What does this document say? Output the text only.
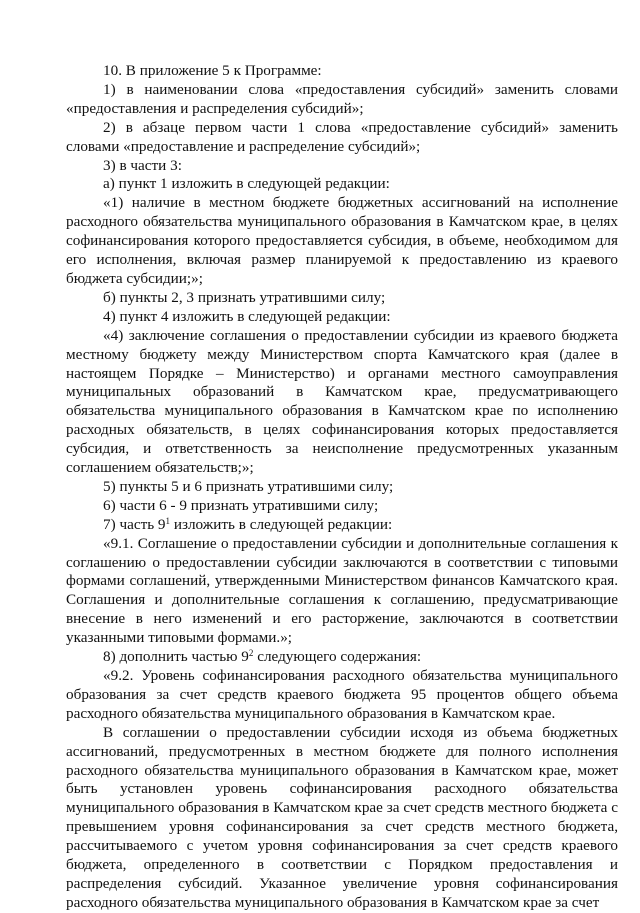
10. В приложение 5 к Программе:

1) в наименовании слова «предоставления субсидий» заменить словами «предоставления и распределения субсидий»;

2) в абзаце первом части 1 слова «предоставление субсидий» заменить словами «предоставление и распределение субсидий»;

3) в части 3:

а) пункт 1 изложить в следующей редакции:

«1) наличие в местном бюджете бюджетных ассигнований на исполнение расходного обязательства муниципального образования в Камчатском крае, в целях софинансирования которого предоставляется субсидия, в объеме, необходимом для его исполнения, включая размер планируемой к предоставлению из краевого бюджета субсидии;»;

б) пункты 2, 3 признать утратившими силу;

4) пункт 4 изложить в следующей редакции:

«4) заключение соглашения о предоставлении субсидии из краевого бюджета местному бюджету между Министерством спорта Камчатского края (далее в настоящем Порядке – Министерство) и органами местного самоуправления муниципальных образований в Камчатском крае, предусматривающего обязательства муниципального образования в Камчатском крае по исполнению расходных обязательств, в целях софинансирования которых предоставляется субсидия, и ответственность за неисполнение предусмотренных указанным соглашением обязательств;»;

5) пункты 5 и 6 признать утратившими силу;

6) части 6 - 9 признать утратившими силу;

7) часть $9^1$ изложить в следующей редакции:

«9.1. Соглашение о предоставлении субсидии и дополнительные соглашения к соглашению о предоставлении субсидии заключаются в соответствии с типовыми формами соглашений, утвержденными Министерством финансов Камчатского края. Соглашения и дополнительные соглашения к соглашению, предусматривающие внесение в него изменений и его расторжение, заключаются в соответствии указанными типовыми формами.»;

8) дополнить частью $9^2$ следующего содержания:

«9.2. Уровень софинансирования расходного обязательства муниципального образования за счет средств краевого бюджета 95 процентов общего объема расходного обязательства муниципального образования в Камчатском крае.

В соглашении о предоставлении субсидии исходя из объема бюджетных ассигнований, предусмотренных в местном бюджете для полного исполнения расходного обязательства муниципального образования в Камчатском крае, может быть установлен уровень софинансирования расходного обязательства муниципального образования в Камчатском крае за счет средств местного бюджета с превышением уровня софинансирования за счет средств местного бюджета, рассчитываемого с учетом уровня софинансирования за счет средств краевого бюджета, определенного в соответствии с Порядком предоставления и распределения субсидий. Указанное увеличение уровня софинансирования расходного обязательства муниципального образования в Камчатском крае за счет
